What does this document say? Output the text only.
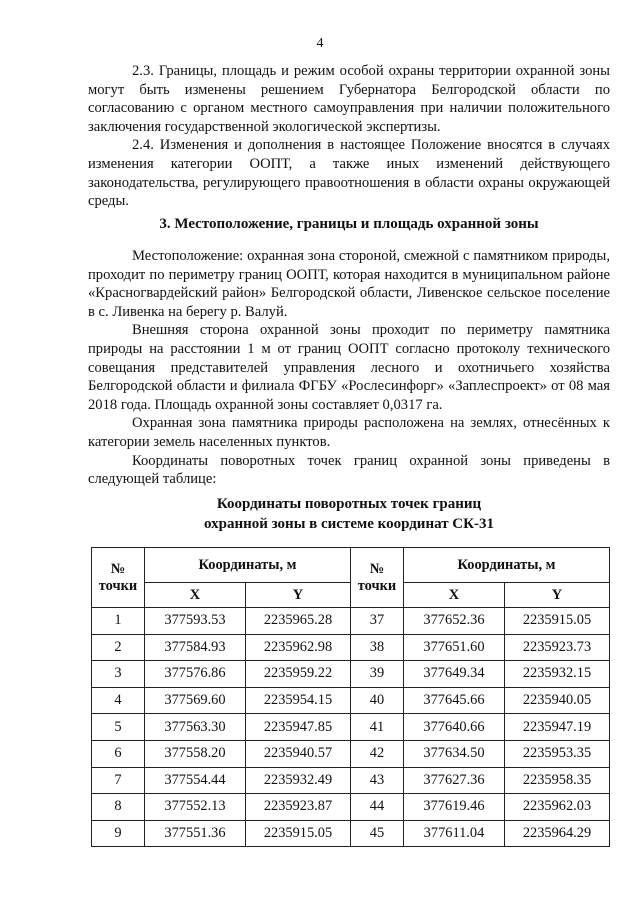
4

2.3. Границы, площадь и режим особой охраны территории охранной зоны могут быть изменены решением Губернатора Белгородской области по согласованию с органом местного самоуправления при наличии положительного заключения государственной экологической экспертизы.

2.4. Изменения и дополнения в настоящее Положение вносятся в случаях изменения категории ООПТ, а также иных изменений действующего законодательства, регулирующего правоотношения в области охраны окружающей среды.

3. Местоположение, границы и площадь охранной зоны

Местоположение: охранная зона стороной, смежной с памятником природы, проходит по периметру границ ООПТ, которая находится в муниципальном районе «Красногвардейский район» Белгородской области, Ливенское сельское поселение в с. Ливенка на берегу р. Валуй.

Внешняя сторона охранной зоны проходит по периметру памятника природы на расстоянии 1 м от границ ООПТ согласно протоколу технического совещания представителей управления лесного и охотничьего хозяйства Белгородской области и филиала ФГБУ «Рослесинфорг» «Заплеспроект» от 08 мая 2018 года. Площадь охранной зоны составляет 0,0317 га.

Охранная зона памятника природы расположена на землях, отнесённых к категории земель населенных пунктов.

Координаты поворотных точек границ охранной зоны приведены в следующей таблице:

Координаты поворотных точек границ
охранной зоны в системе координат СК-31
№
точки	Координаты, м		№
точки	Координаты, м	
	X	Y		X	Y
1	377593.53	2235965.28	37	377652.36	2235915.05
2	377584.93	2235962.98	38	377651.60	2235923.73
3	377576.86	2235959.22	39	377649.34	2235932.15
4	377569.60	2235954.15	40	377645.66	2235940.05
5	377563.30	2235947.85	41	377640.66	2235947.19
6	377558.20	2235940.57	42	377634.50	2235953.35
7	377554.44	2235932.49	43	377627.36	2235958.35
8	377552.13	2235923.87	44	377619.46	2235962.03
9	377551.36	2235915.05	45	377611.04	2235964.29
